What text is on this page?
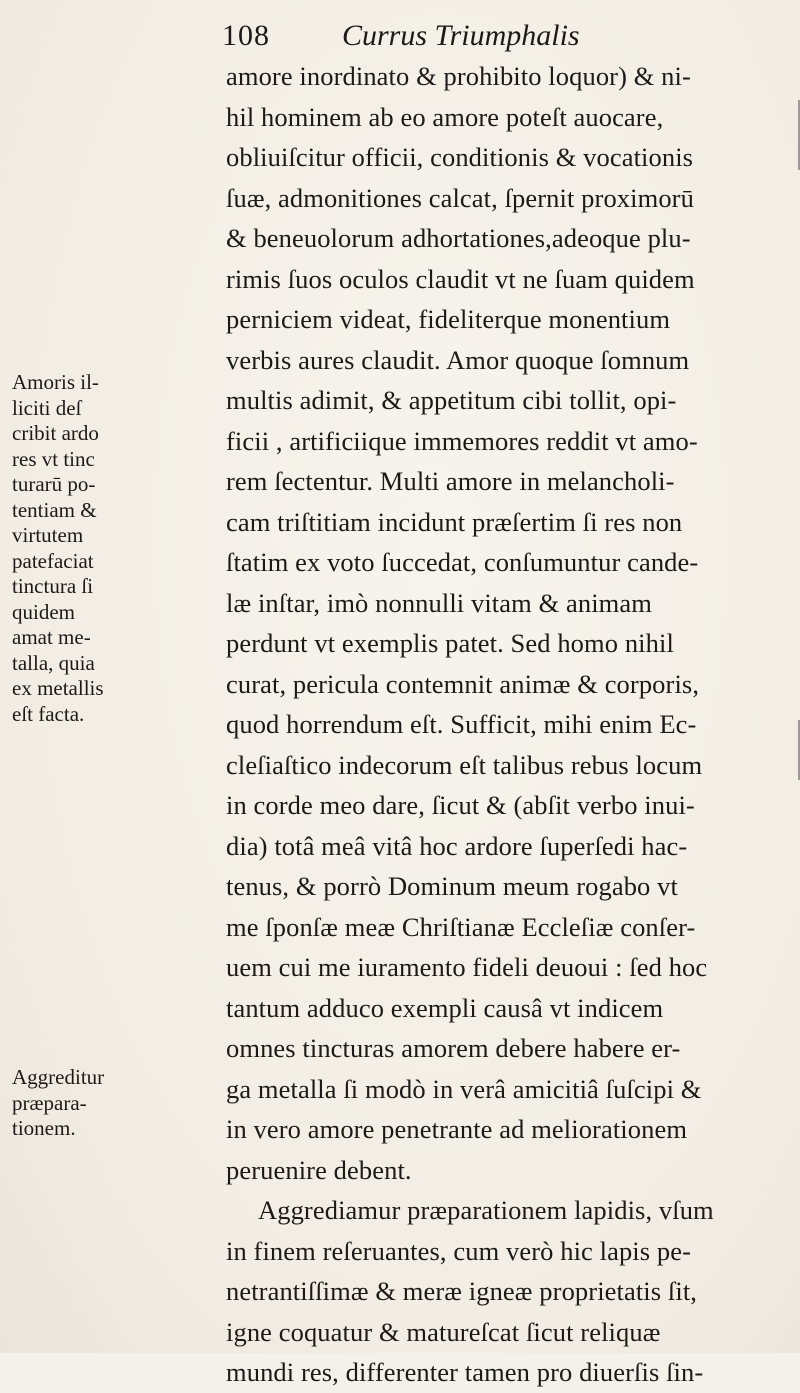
108 Currus Triumphalis
amore inordinato & prohibito loquor) & ni-
hil hominem ab eo amore poteſt auocare,
obliuiſcitur officii, conditionis & vocationis
ſuæ, admonitiones calcat, ſpernit proximorū
& beneuolorum adhortationes,adeoque plu-
rimis ſuos oculos claudit vt ne ſuam quidem
perniciem videat, fideliterque monentium
verbis aures claudit. Amor quoque ſomnum
multis adimit, & appetitum cibi tollit, opi-
ficii , artificiique immemores reddit vt amo-
rem ſectentur. Multi amore in melancholi-
cam triſtitiam incidunt præſertim ſi res non
ſtatim ex voto ſuccedat, conſumuntur cande-
læ inſtar, imò nonnulli vitam & animam
perdunt vt exemplis patet. Sed homo nihil
curat, pericula contemnit animæ & corporis,
quod horrendum eſt. Sufficit, mihi enim Ec-
cleſiaſtico indecorum eſt talibus rebus locum
in corde meo dare, ſicut & (abſit verbo inui-
dia) totâ meâ vitâ hoc ardore ſuperſedi hac-
tenus, & porrò Dominum meum rogabo vt
me ſponſæ meæ Chriſtianæ Eccleſiæ conſer-
uem cui me iuramento fideli deuoui : ſed hoc
tantum adduco exempli causâ vt indicem
omnes tincturas amorem debere habere er-
ga metalla ſi modò in verâ amicitiâ ſuſcipi &
in vero amore penetrante ad meliorationem
peruenire debent.
Aggrediamur præparationem lapidis, vſum
in finem reſeruantes, cum verò hic lapis pe-
netrantiſſimæ & meræ igneæ proprietatis ſit,
igne coquatur & matureſcat ſicut reliquæ
mundi res, differenter tamen pro diuerſis ſin-
Amoris il-
liciti deſ
cribit ardo
res vt tinc
turarū po-
tentiam &
virtutem
patefaciat
tinctura ſi
quidem
amat me-
talla, quia
ex metallis
eſt facta.
Aggreditur
præpara-
tionem.
